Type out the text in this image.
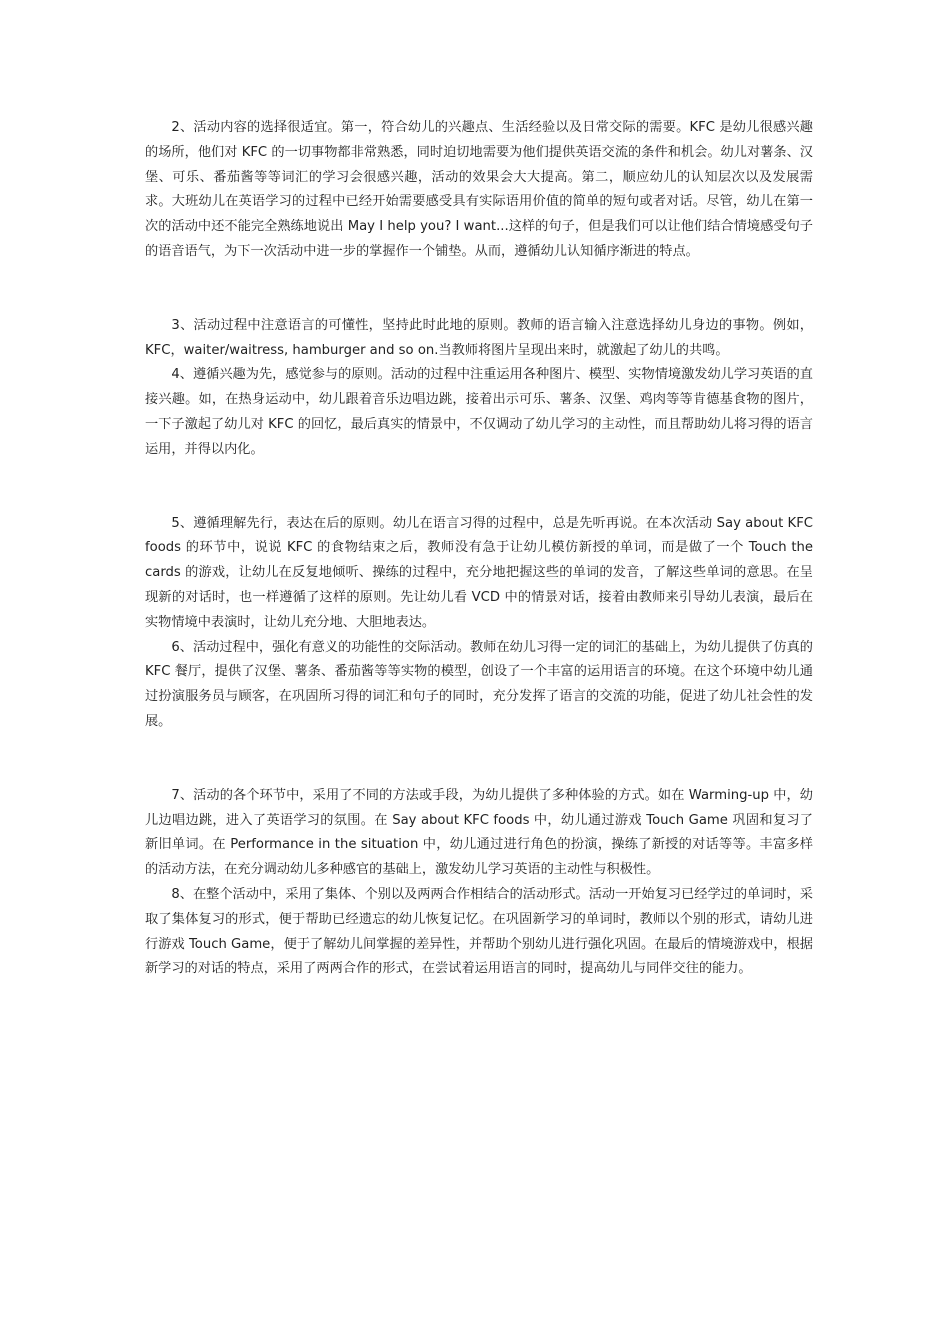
2、活动内容的选择很适宜。第一，符合幼儿的兴趣点、生活经验以及日常交际的需要。KFC 是幼儿很感兴趣的场所，他们对 KFC 的一切事物都非常熟悉，同时迫切地需要为他们提供英语交流的条件和机会。幼儿对薯条、汉堡、可乐、番茄酱等等词汇的学习会很感兴趣，活动的效果会大大提高。第二，顺应幼儿的认知层次以及发展需求。大班幼儿在英语学习的过程中已经开始需要感受具有实际语用价值的简单的短句或者对话。尽管，幼儿在第一次的活动中还不能完全熟练地说出 May I help you? I want...这样的句子，但是我们可以让他们结合情境感受句子的语音语气，为下一次活动中进一步的掌握作一个铺垫。从而，遵循幼儿认知循序渐进的特点。

3、活动过程中注意语言的可懂性，坚持此时此地的原则。教师的语言输入注意选择幼儿身边的事物。例如，KFC，waiter/waitress, hamburger and so on.当教师将图片呈现出来时，就激起了幼儿的共鸣。

4、遵循兴趣为先，感觉参与的原则。活动的过程中注重运用各种图片、模型、实物情境激发幼儿学习英语的直接兴趣。如，在热身运动中，幼儿跟着音乐边唱边跳，接着出示可乐、薯条、汉堡、鸡肉等等肯德基食物的图片，一下子激起了幼儿对 KFC 的回忆，最后真实的情景中，不仅调动了幼儿学习的主动性，而且帮助幼儿将习得的语言运用，并得以内化。

5、遵循理解先行，表达在后的原则。幼儿在语言习得的过程中，总是先听再说。在本次活动 Say about KFC foods 的环节中，说说 KFC 的食物结束之后，教师没有急于让幼儿模仿新授的单词，而是做了一个 Touch the cards 的游戏，让幼儿在反复地倾听、操练的过程中，充分地把握这些的单词的发音，了解这些单词的意思。在呈现新的对话时，也一样遵循了这样的原则。先让幼儿看 VCD 中的情景对话，接着由教师来引导幼儿表演，最后在实物情境中表演时，让幼儿充分地、大胆地表达。

6、活动过程中，强化有意义的功能性的交际活动。教师在幼儿习得一定的词汇的基础上，为幼儿提供了仿真的 KFC 餐厅，提供了汉堡、薯条、番茄酱等等实物的模型，创设了一个丰富的运用语言的环境。在这个环境中幼儿通过扮演服务员与顾客，在巩固所习得的词汇和句子的同时，充分发挥了语言的交流的功能，促进了幼儿社会性的发展。

7、活动的各个环节中，采用了不同的方法或手段，为幼儿提供了多种体验的方式。如在 Warming-up 中，幼儿边唱边跳，进入了英语学习的氛围。在 Say about KFC foods 中，幼儿通过游戏 Touch Game 巩固和复习了新旧单词。在 Performance in the situation 中，幼儿通过进行角色的扮演，操练了新授的对话等等。丰富多样的活动方法，在充分调动幼儿多种感官的基础上，激发幼儿学习英语的主动性与积极性。

8、在整个活动中，采用了集体、个别以及两两合作相结合的活动形式。活动一开始复习已经学过的单词时，采取了集体复习的形式，便于帮助已经遗忘的幼儿恢复记忆。在巩固新学习的单词时，教师以个别的形式，请幼儿进行游戏 Touch Game，便于了解幼儿间掌握的差异性，并帮助个别幼儿进行强化巩固。在最后的情境游戏中，根据新学习的对话的特点，采用了两两合作的形式，在尝试着运用语言的同时，提高幼儿与同伴交往的能力。
